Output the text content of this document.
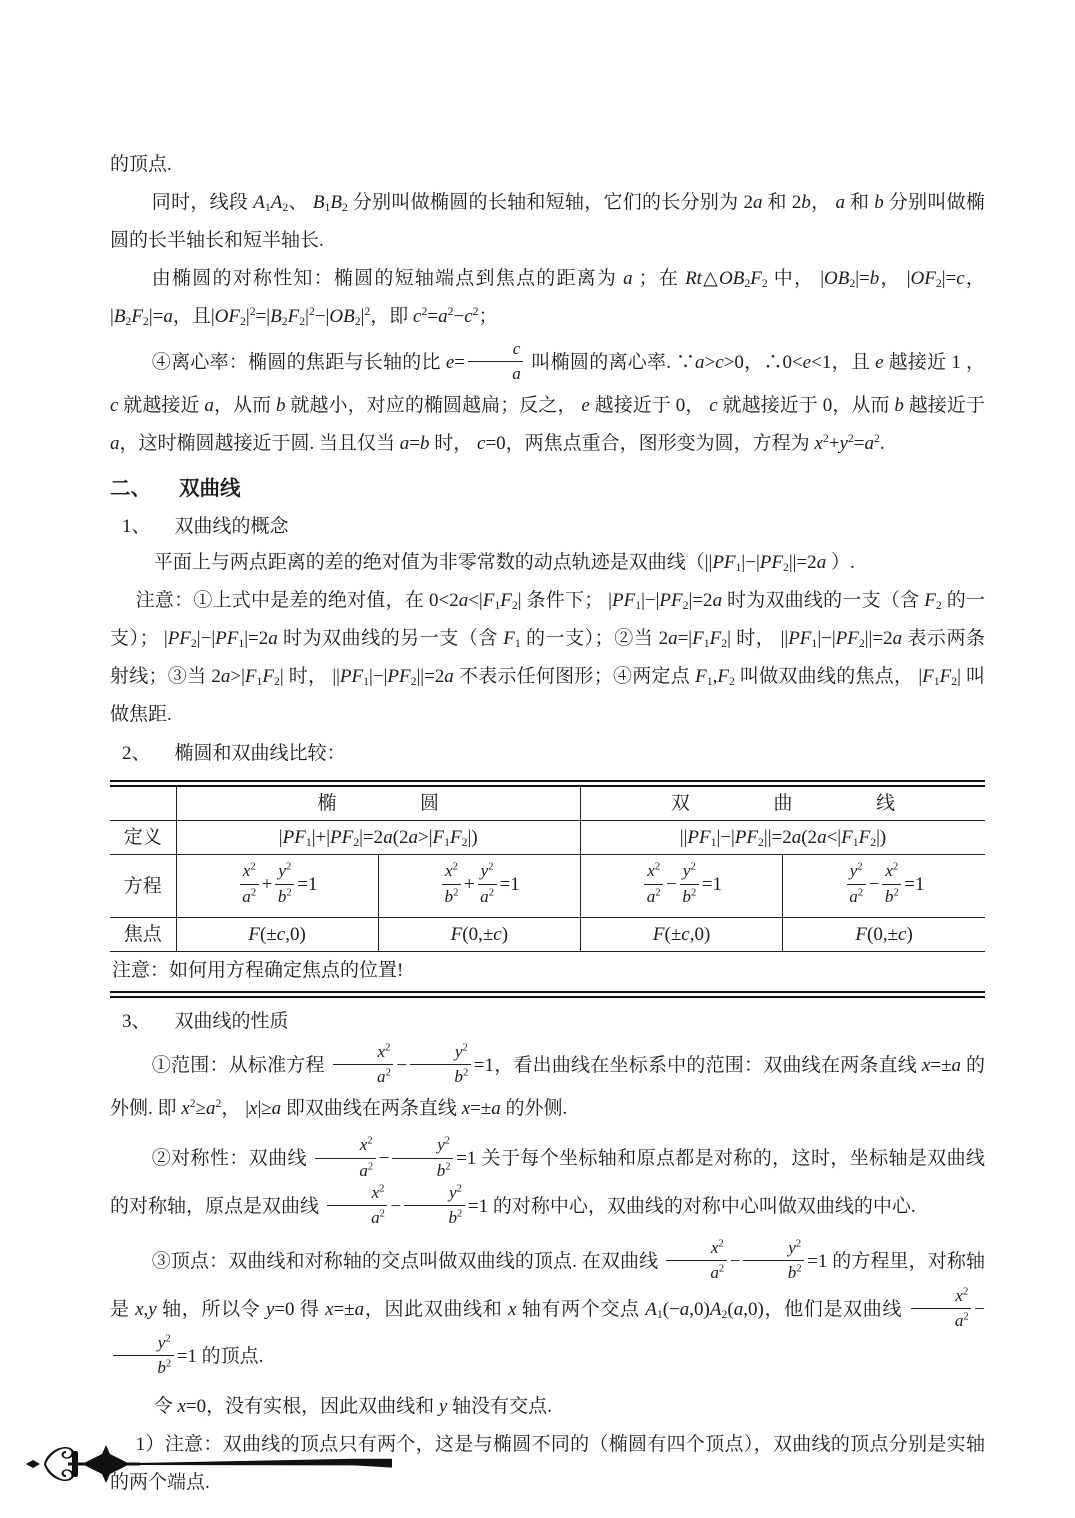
的顶点.

同时，线段 $A_1A_2$、 $B_1B_2$ 分别叫做椭圆的长轴和短轴，它们的长分别为 2a 和 2b， a 和 b 分别叫做椭圆的长半轴长和短半轴长.

由椭圆的对称性知：椭圆的短轴端点到焦点的距离为 a ；在 $Rt\triangle OB_2F_2$ 中， $|OB_2|=b$， $|OF_2|=c$， $|B_2F_2|=a$，且$|OF_2|^2=|B_2F_2|^2-|OB_2|^2$，即 $c^2=a^2-c^2$；

④离心率：椭圆的焦距与长轴的比 $e= \frac{c}{a}$ 叫椭圆的离心率. ∵a>c>0，∴0<e<1，且 e 越接近 1 ， c 就越接近 a，从而 b 就越小，对应的椭圆越扁；反之， e 越接近于 0， c 就越接近于 0，从而 b 越接近于 a，这时椭圆越接近于圆. 当且仅当 a=b 时， c=0，两焦点重合，图形变为圆，方程为 $x^2+y^2=a^2$.

二、 双曲线
1、 双曲线的概念

平面上与两点距离的差的绝对值为非零常数的动点轨迹是双曲线（$||PF_1|-|PF_2||=2a$ ）.

注意：①上式中是差的绝对值，在 $0<2a<|F_1F_2|$ 条件下； $|PF_1|-|PF_2|=2a$ 时为双曲线的一支（含 $F_2$ 的一支）； $|PF_2|-|PF_1|=2a$ 时为双曲线的另一支（含 $F_1$ 的一支）；②当 $2a=|F_1F_2|$ 时， $||PF_1|-|PF_2||=2a$ 表示两条射线；③当 $2a>|F_1F_2|$ 时， $||PF_1|-|PF_2||=2a$ 不表示任何图形；④两定点 $F_1,F_2$ 叫做双曲线的焦点， $|F_1F_2|$ 叫做焦距.

2、 椭圆和双曲线比较：
	椭圆		双曲线	
定义	$|PF_1|+|PF_2|=2a(2a>|F_1F_2|)$		$||PF_1|-|PF_2||=2a(2a<|F_1F_2|)$	
方程	$\frac{x^2}{a^2} + \frac{y^2}{b^2} =1$	$\frac{x^2}{b^2} + \frac{y^2}{a^2} =1$	$\frac{x^2}{a^2} - \frac{y^2}{b^2} =1$	$\frac{y^2}{a^2} - \frac{x^2}{b^2} =1$
焦点	F(±c,0)	F(0,±c)	F(±c,0)	F(0,±c)
注意：如何用方程确定焦点的位置!				
3、 双曲线的性质

①范围：从标准方程 $\frac{x^2}{a^2} - \frac{y^2}{b^2} =1$，看出曲线在坐标系中的范围：双曲线在两条直线 x=±a 的外侧. 即 $x^2\ge a^2$， |x|≥a 即双曲线在两条直线 x=±a 的外侧.

②对称性：双曲线 $\frac{x^2}{a^2} - \frac{y^2}{b^2} =1$ 关于每个坐标轴和原点都是对称的，这时，坐标轴是双曲线的对称轴，原点是双曲线 $\frac{x^2}{a^2} - \frac{y^2}{b^2} =1$ 的对称中心，双曲线的对称中心叫做双曲线的中心.

③顶点：双曲线和对称轴的交点叫做双曲线的顶点. 在双曲线 $\frac{x^2}{a^2} - \frac{y^2}{b^2} =1$ 的方程里，对称轴是 x,y 轴，所以令 y=0 得 x=±a，因此双曲线和 x 轴有两个交点 $A_1(-a,0)A_2(a,0)$，他们是双曲线 $\frac{x^2}{a^2}$ −
$\frac{y^2}{b^2} =1$ 的顶点.

令 x=0，没有实根，因此双曲线和 y 轴没有交点.

1）注意：双曲线的顶点只有两个，这是与椭圆不同的（椭圆有四个顶点），双曲线的顶点分别是实轴的两个端点.
